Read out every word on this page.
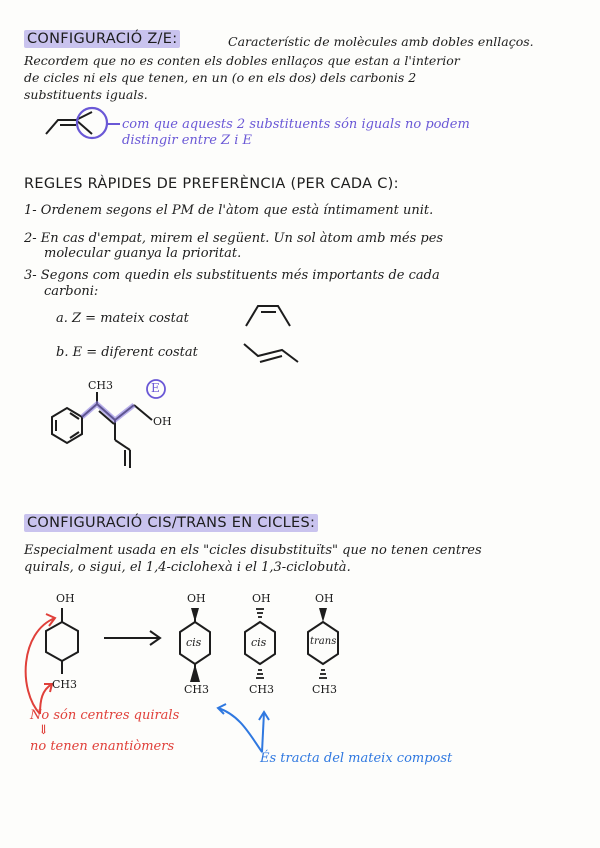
CONFIGURACIÓ Z/E:	Característic de molècules amb dobles enllaços.
Recordem que no es conten els dobles enllaços que estan a l'interior
de cicles ni els que tenen, en un (o en els dos) dels carbonis 2
substituents iguals.
com que aquests 2 substituents són iguals no podem
distingir entre Z i E
REGLES RÀPIDES DE PREFERÈNCIA (PER CADA C):
1- Ordenem segons el PM de l'àtom que està íntimament unit.
2- En cas d'empat, mirem el següent. Un sol àtom amb més pes
molecular guanya la prioritat.
3- Segons com quedin els substituents més importants de cada
carboni:
a. Z = mateix costat
b. E = diferent costat
CH3
OH
E
CONFIGURACIÓ CIS/TRANS EN CICLES:
Especialment usada en els "cicles disubstituïts" que no tenen centres
quirals, o sigui, el 1,4-ciclohexà i el 1,3-ciclobutà.
OH
CH3
OH
CH3
cis
OH
CH3
cis
OH
CH3
trans
No són centres quirals
⇓
no tenen enantiòmers
És tracta del mateix compost
